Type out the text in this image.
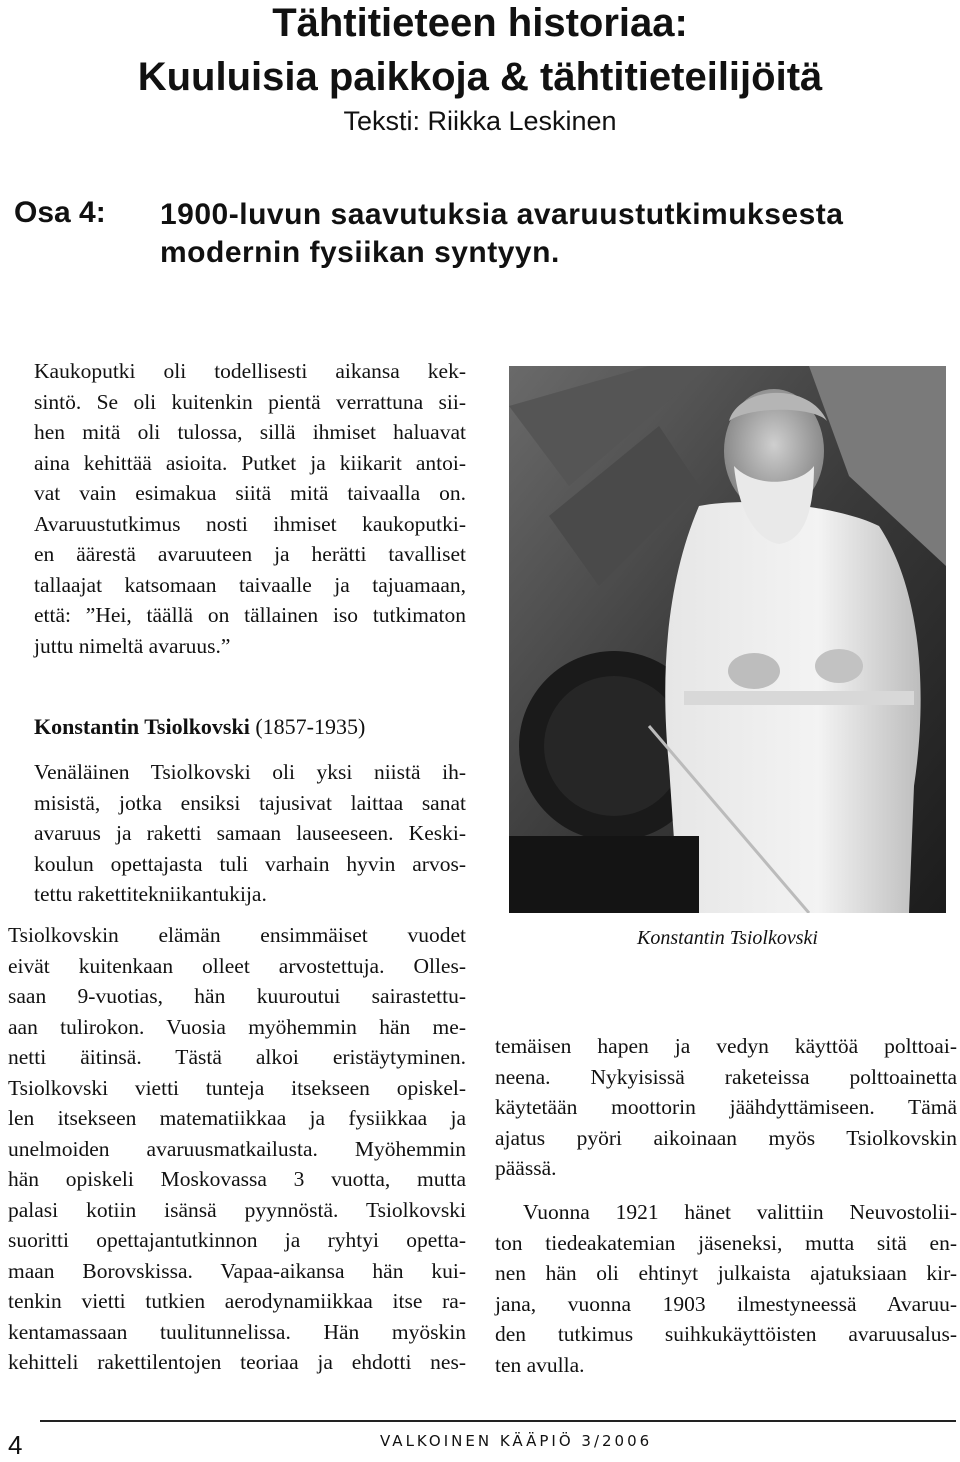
Tähtitieteen historiaa:
Kuuluisia paikkoja & tähtitieteilijöitä
Teksti: Riikka Leskinen
Osa 4: 1900-luvun saavutuksia avaruustutkimuksesta
modernin fysiikan syntyyn.
Kaukoputki oli todellisesti aikansa kek-
sintö. Se oli kuitenkin pientä verrattuna sii-
hen mitä oli tulossa, sillä ihmiset haluavat
aina kehittää asioita. Putket ja kiikarit antoi-
vat vain esimakua siitä mitä taivaalla on.
Avaruustutkimus nosti ihmiset kaukoputki-
en äärestä avaruuteen ja herätti tavalliset
tallaajat katsomaan taivaalle ja tajuamaan,
että: ”Hei, täällä on tällainen iso tutkimaton
juttu nimeltä avaruus.”
Konstantin Tsiolkovski (1857-1935)
Venäläinen Tsiolkovski oli yksi niistä ih-
misistä, jotka ensiksi tajusivat laittaa sanat
avaruus ja raketti samaan lauseeseen. Keski-
koulun opettajasta tuli varhain hyvin arvos-
tettu rakettitekniikantukija.
Tsiolkovskin elämän ensimmäiset vuodet
eivät kuitenkaan olleet arvostettuja. Olles-
saan 9-vuotias, hän kuuroutui sairastettu-
aan tulirokon. Vuosia myöhemmin hän me-
netti äitinsä. Tästä alkoi eristäytyminen.
Tsiolkovski vietti tunteja itsekseen opiskel-
len itsekseen matematiikkaa ja fysiikkaa ja
unelmoiden avaruusmatkailusta. Myöhemmin
hän opiskeli Moskovassa 3 vuotta, mutta
palasi kotiin isänsä pyynnöstä. Tsiolkovski
suoritti opettajantutkinnon ja ryhtyi opetta-
maan Borovskissa. Vapaa-aikansa hän kui-
tenkin vietti tutkien aerodynamiikkaa itse ra-
kentamassaan tuulitunnelissa. Hän myöskin
kehitteli rakettilentojen teoriaa ja ehdotti nes-
Konstantin Tsiolkovski
temäisen hapen ja vedyn käyttöä polttoai-
neena. Nykyisissä raketeissa polttoainetta
käytetään moottorin jäähdyttämiseen. Tämä
ajatus pyöri aikoinaan myös Tsiolkovskin
päässä.
Vuonna 1921 hänet valittiin Neuvostolii-
ton tiedeakatemian jäseneksi, mutta sitä en-
nen hän oli ehtinyt julkaista ajatuksiaan kir-
jana, vuonna 1903 ilmestyneessä Avaruu-
den tutkimus suihkukäyttöisten avaruusalus-
ten avulla.
4	VALKOINEN KÄÄPIÖ 3/2006
